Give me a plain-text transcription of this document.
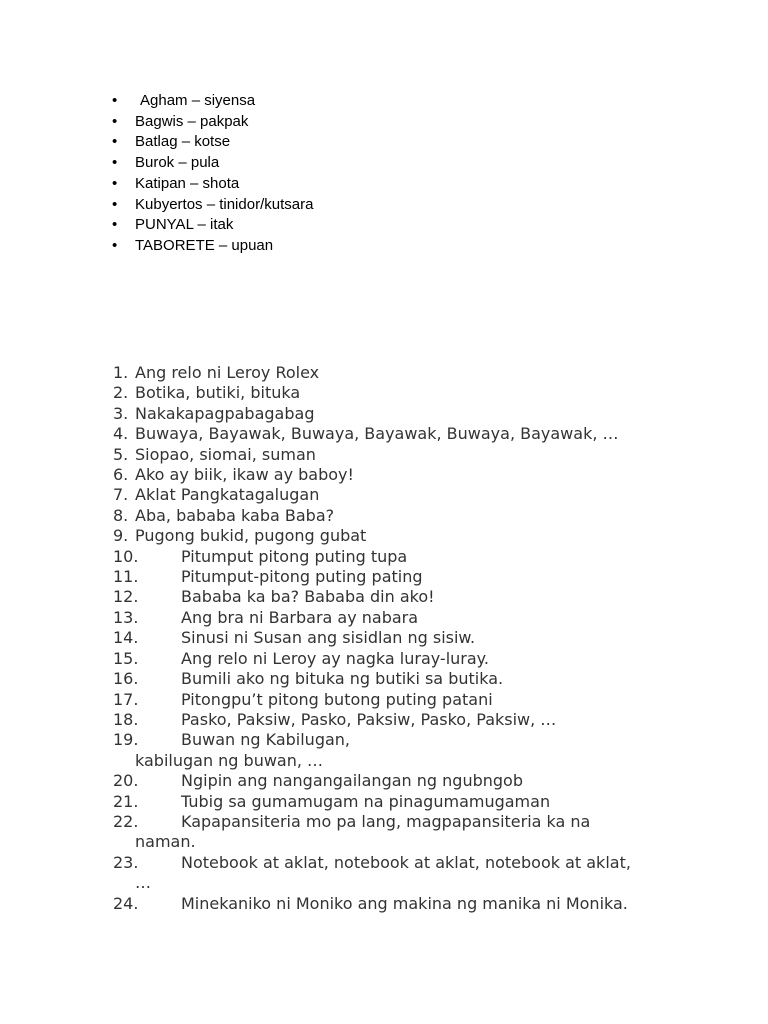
• Agham – siyensa
• Bagwis – pakpak
• Batlag – kotse
• Burok – pula
• Katipan – shota
• Kubyertos – tinidor/kutsara
• PUNYAL – itak
• TABORETE – upuan
1. Ang relo ni Leroy Rolex
2. Botika, butiki, bituka
3. Nakakapagpabagabag
4. Buwaya, Bayawak, Buwaya, Bayawak, Buwaya, Bayawak, …
5. Siopao, siomai, suman
6. Ako ay biik, ikaw ay baboy!
7. Aklat Pangkatagalugan
8. Aba, bababa kaba Baba?
9. Pugong bukid, pugong gubat
10.	Pitumput pitong puting tupa
11.	Pitumput-pitong puting pating
12.	Bababa ka ba? Bababa din ako!
13.	Ang bra ni Barbara ay nabara
14.	Sinusi ni Susan ang sisidlan ng sisiw.
15.	Ang relo ni Leroy ay nagka luray-luray.
16.	Bumili ako ng bituka ng butiki sa butika.
17.	Pitongpu’t pitong butong puting patani
18.	Pasko, Paksiw, Pasko, Paksiw, Pasko, Paksiw, …
19.	Buwan ng Kabilugan,
kabilugan ng buwan, …
20.	Ngipin ang nangangailangan ng ngubngob
21.	Tubig sa gumamugam na pinagumamugaman
22.	Kapapansiteria mo pa lang, magpapansiteria ka na
naman.
23.	Notebook at aklat, notebook at aklat, notebook at aklat,
…
24.	Minekaniko ni Moniko ang makina ng manika ni Monika.
